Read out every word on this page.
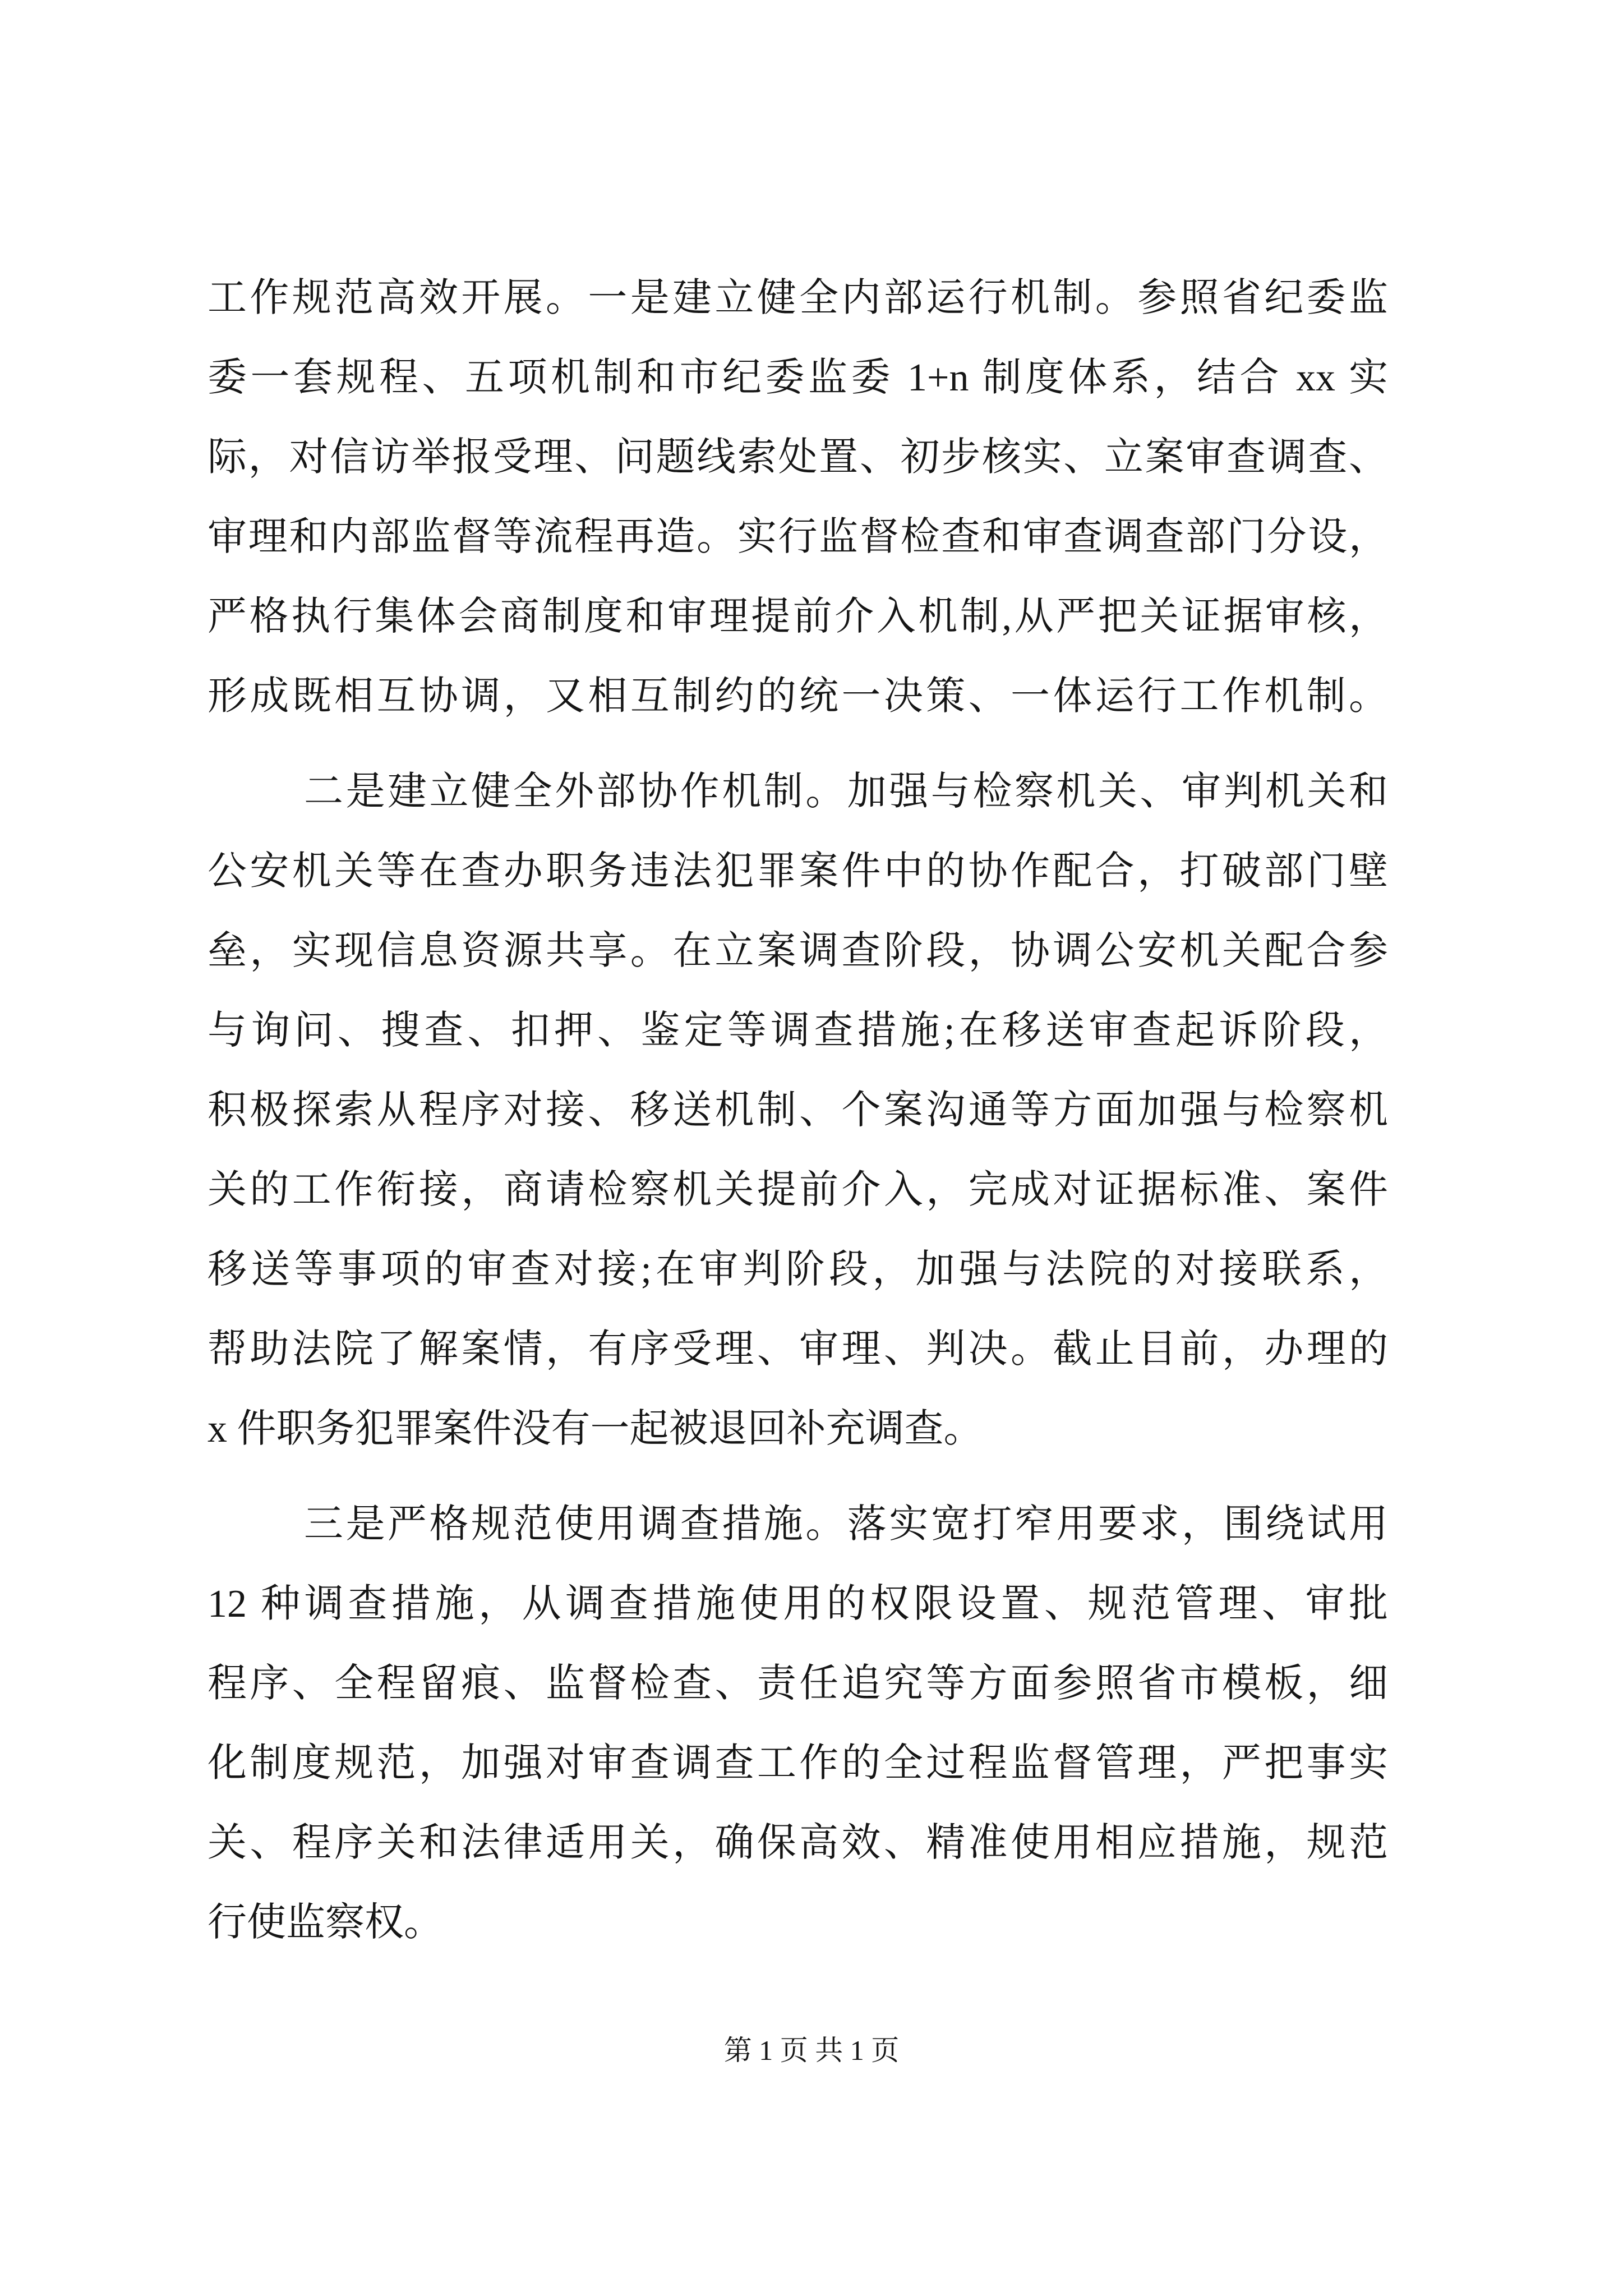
工作规范高效开展。一是建立健全内部运行机制。参照省纪委监
委一套规程、五项机制和市纪委监委 1+n 制度体系，结合 xx 实
际，对信访举报受理、问题线索处置、初步核实、立案审查调查、
审理和内部监督等流程再造。实行监督检查和审查调查部门分设，
严格执行集体会商制度和审理提前介入机制,从严把关证据审核，
形成既相互协调，又相互制约的统一决策、一体运行工作机制。
二是建立健全外部协作机制。加强与检察机关、审判机关和
公安机关等在查办职务违法犯罪案件中的协作配合，打破部门壁
垒，实现信息资源共享。在立案调查阶段，协调公安机关配合参
与询问、搜查、扣押、鉴定等调查措施;在移送审查起诉阶段，
积极探索从程序对接、移送机制、个案沟通等方面加强与检察机
关的工作衔接，商请检察机关提前介入，完成对证据标准、案件
移送等事项的审查对接;在审判阶段，加强与法院的对接联系，
帮助法院了解案情，有序受理、审理、判决。截止目前，办理的
x 件职务犯罪案件没有一起被退回补充调查。
三是严格规范使用调查措施。落实宽打窄用要求，围绕试用
12 种调查措施，从调查措施使用的权限设置、规范管理、审批
程序、全程留痕、监督检查、责任追究等方面参照省市模板，细
化制度规范，加强对审查调查工作的全过程监督管理，严把事实
关、程序关和法律适用关，确保高效、精准使用相应措施，规范
行使监察权。
第 1 页 共 1 页
